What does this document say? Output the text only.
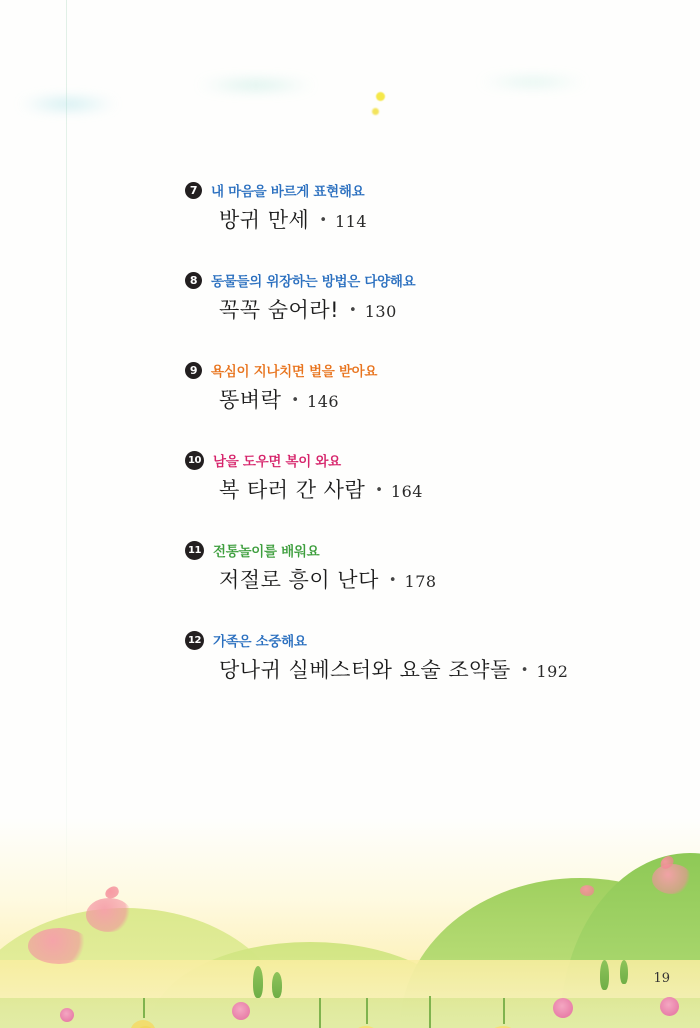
7	내 마음을 바르게 표현해요
방귀 만세 • 114
8	동물들의 위장하는 방법은 다양해요
꼭꼭 숨어라! • 130
9	욕심이 지나치면 벌을 받아요
똥벼락 • 146
10 남을 도우면 복이 와요
복 타러 간 사람 • 164
11 전통놀이를 배워요
저절로 흥이 난다 • 178
12 가족은 소중해요
당나귀 실베스터와 요술 조약돌 • 192
19
